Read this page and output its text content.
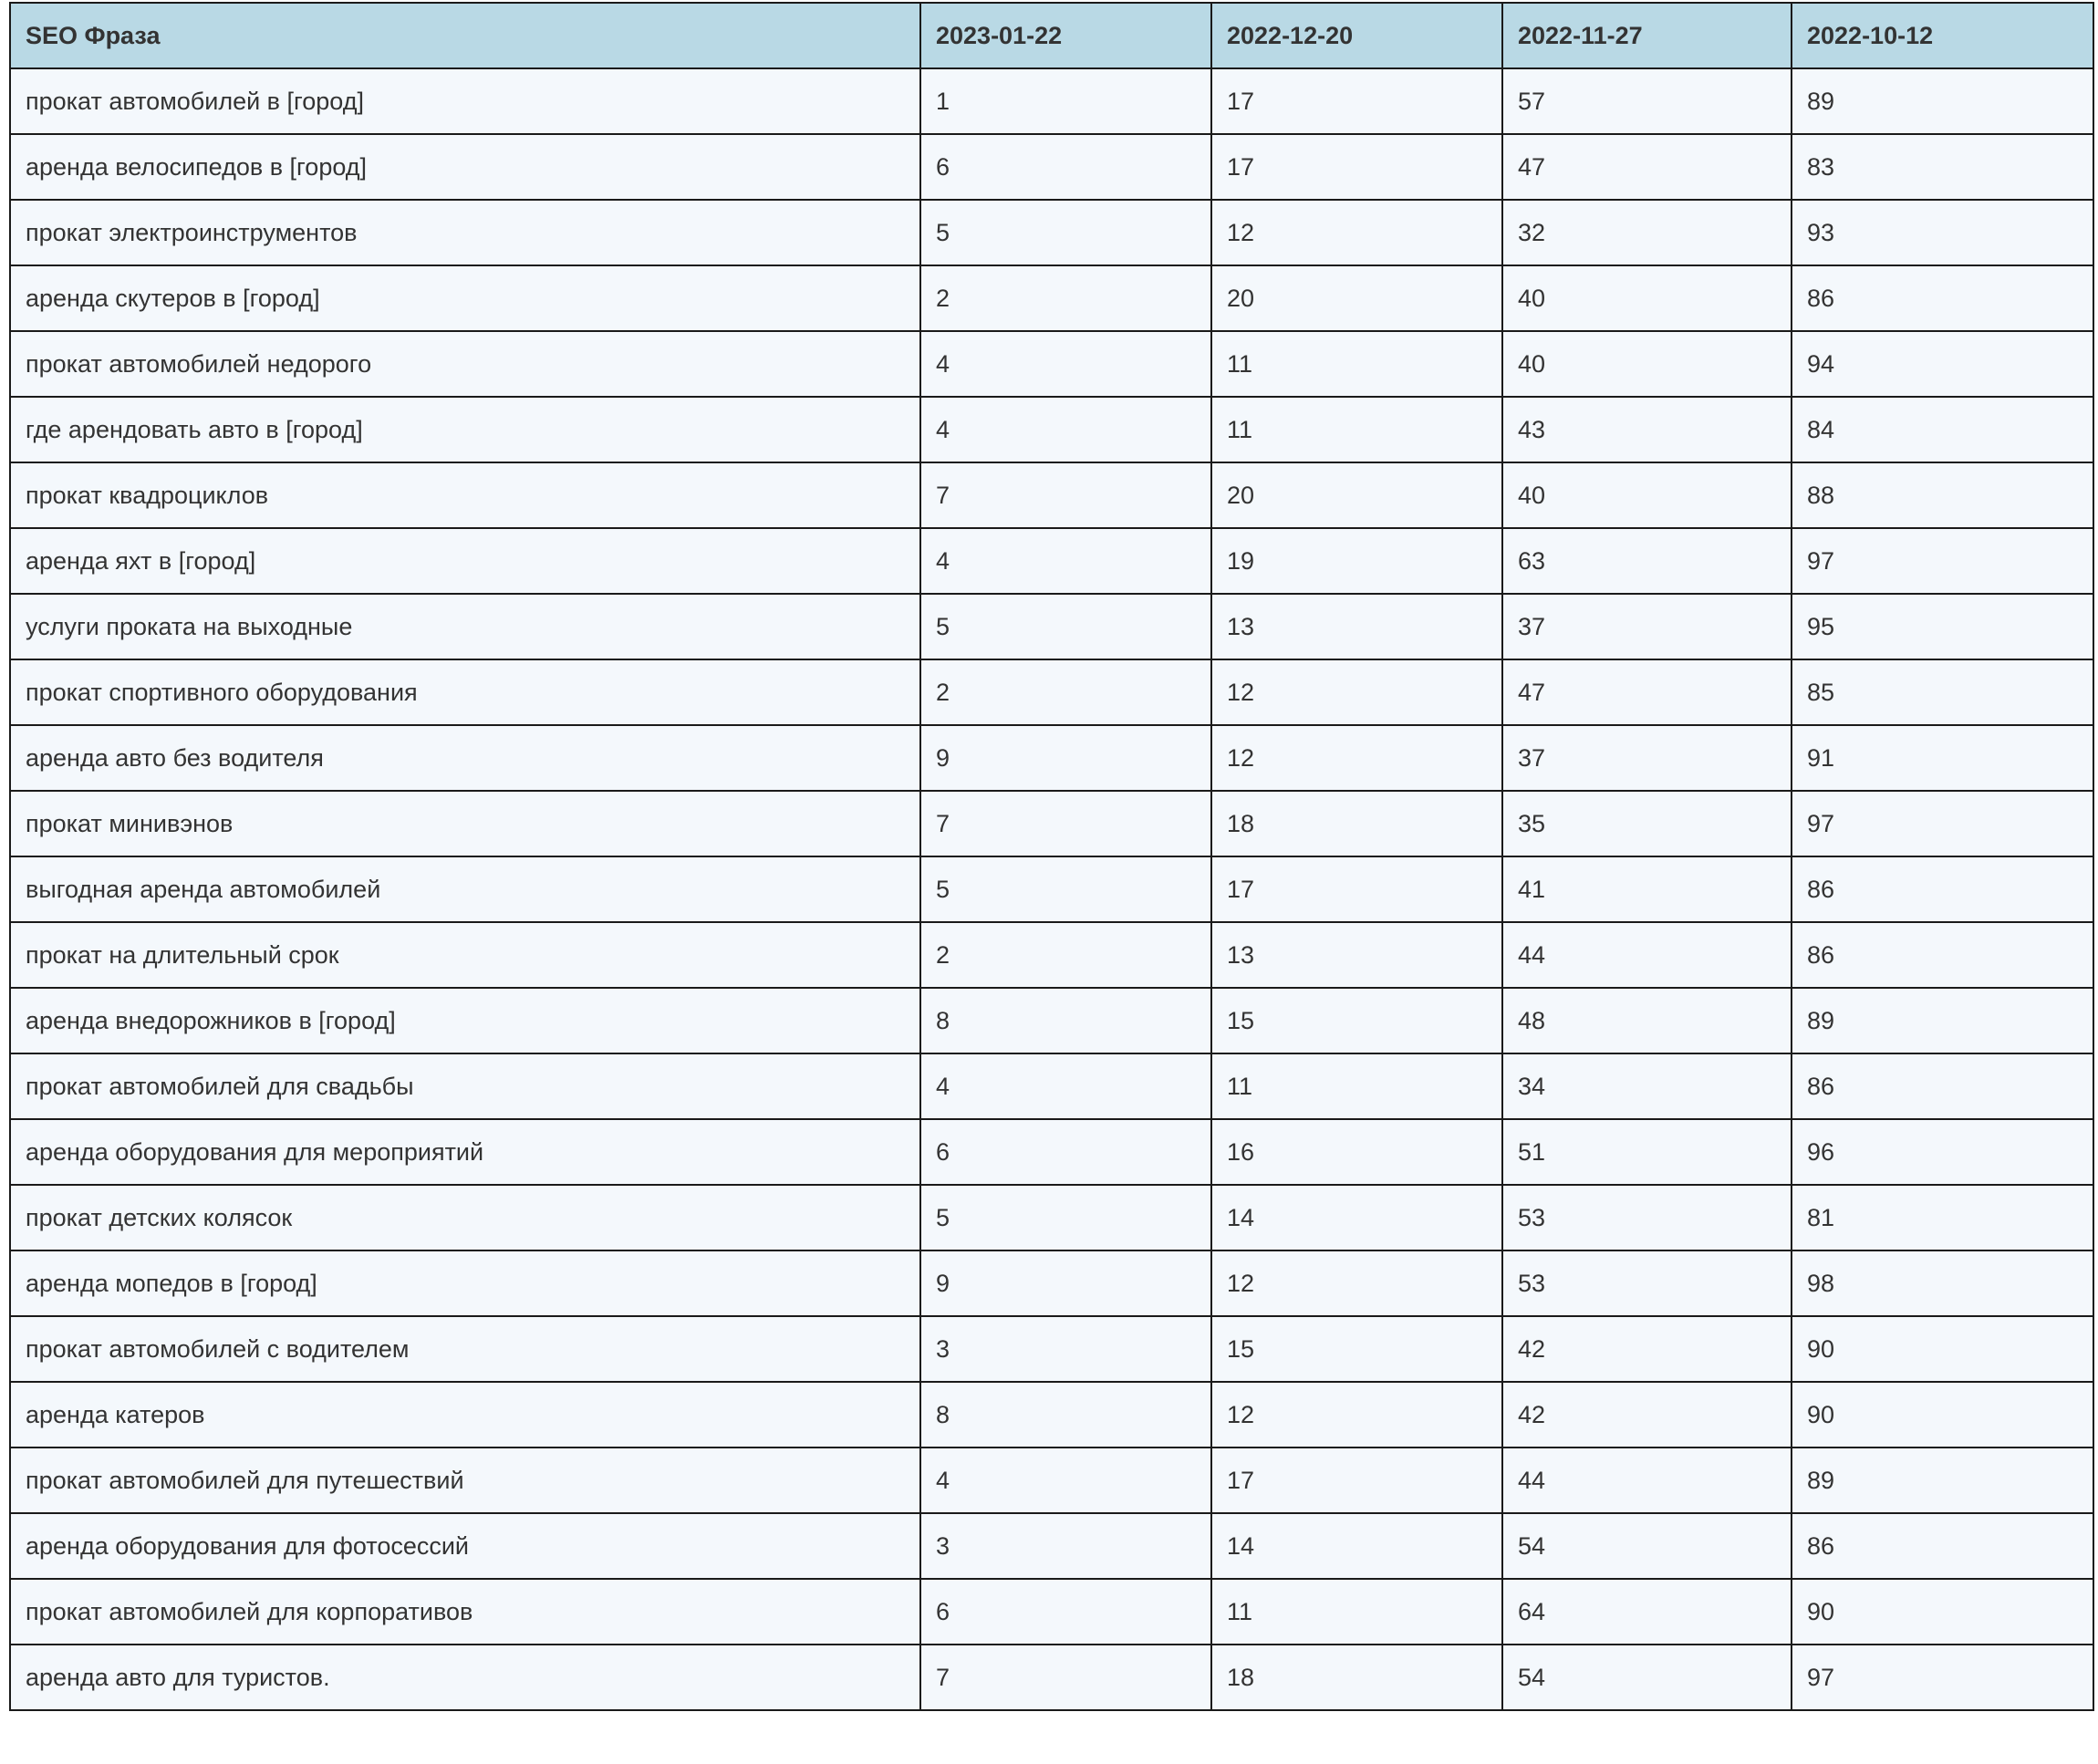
SEO Фраза	2023-01-22	2022-12-20	2022-11-27	2022-10-12
прокат автомобилей в [город]	1	17	57	89
аренда велосипедов в [город]	6	17	47	83
прокат электроинструментов	5	12	32	93
аренда скутеров в [город]	2	20	40	86
прокат автомобилей недорого	4	11	40	94
где арендовать авто в [город]	4	11	43	84
прокат квадроциклов	7	20	40	88
аренда яхт в [город]	4	19	63	97
услуги проката на выходные	5	13	37	95
прокат спортивного оборудования	2	12	47	85
аренда авто без водителя	9	12	37	91
прокат минивэнов	7	18	35	97
выгодная аренда автомобилей	5	17	41	86
прокат на длительный срок	2	13	44	86
аренда внедорожников в [город]	8	15	48	89
прокат автомобилей для свадьбы	4	11	34	86
аренда оборудования для мероприятий	6	16	51	96
прокат детских колясок	5	14	53	81
аренда мопедов в [город]	9	12	53	98
прокат автомобилей с водителем	3	15	42	90
аренда катеров	8	12	42	90
прокат автомобилей для путешествий	4	17	44	89
аренда оборудования для фотосессий	3	14	54	86
прокат автомобилей для корпоративов	6	11	64	90
аренда авто для туристов.	7	18	54	97
